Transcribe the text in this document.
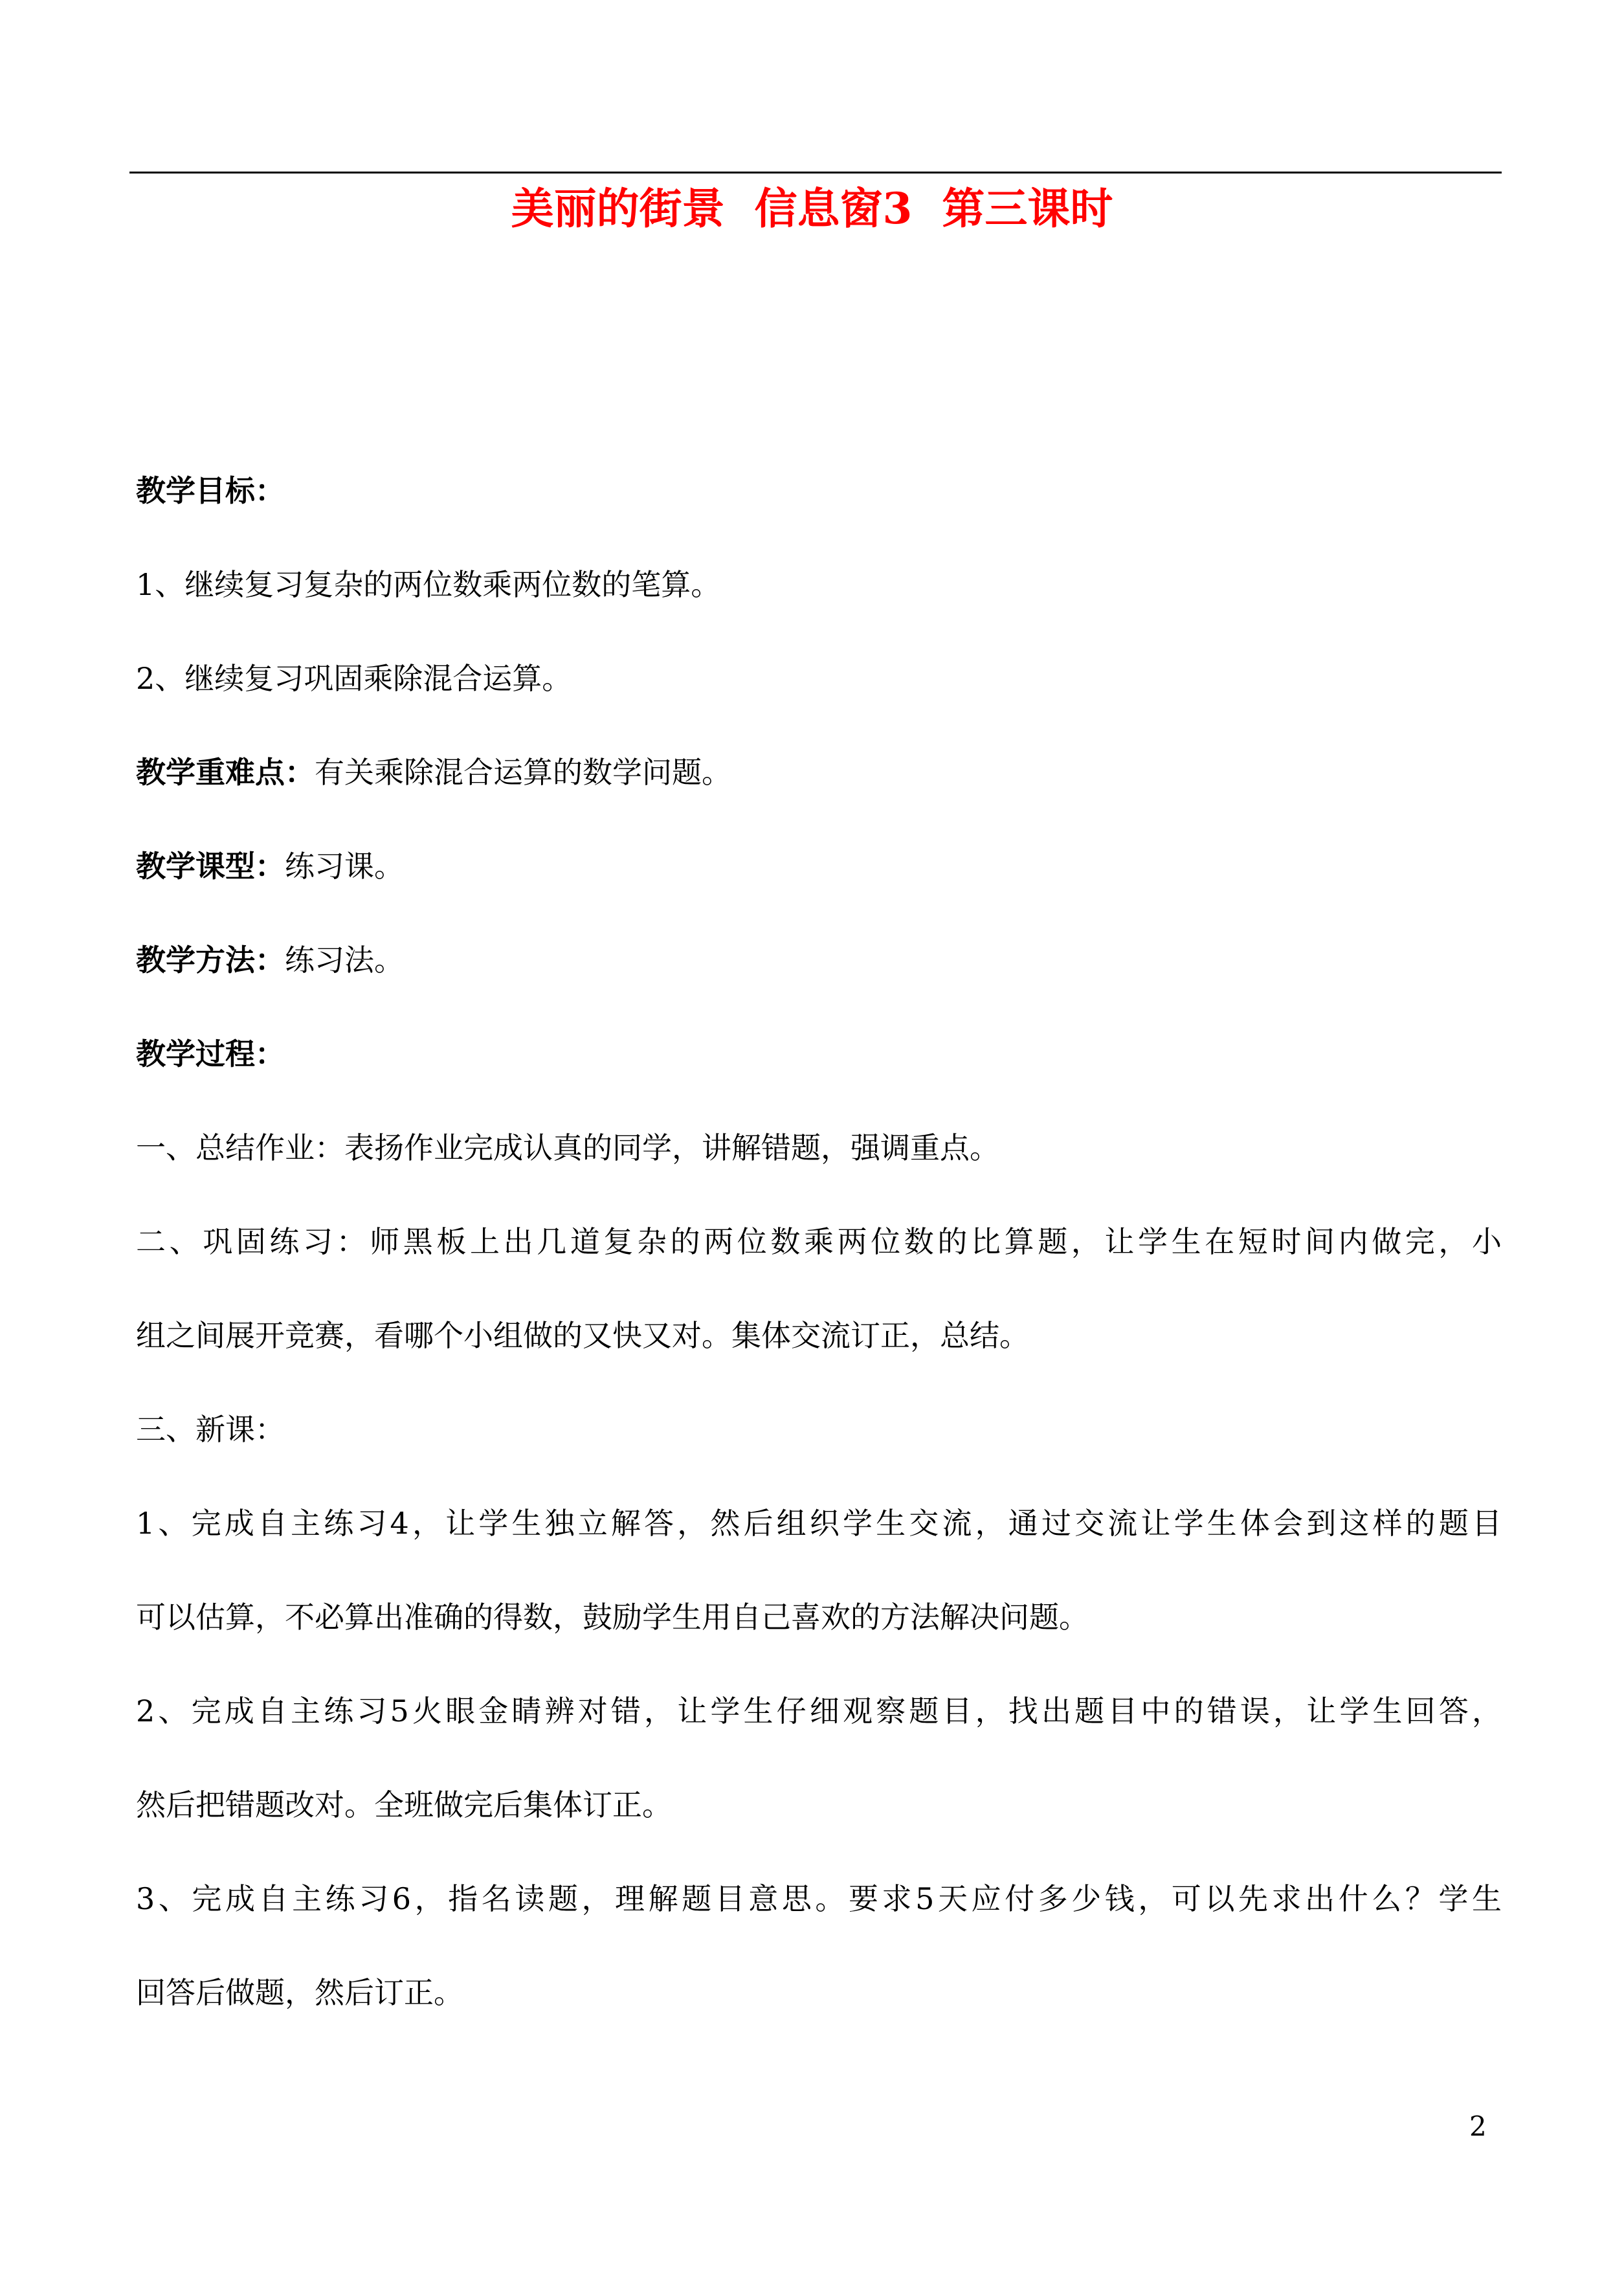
美丽的街景  信息窗3  第三课时
教学目标：
1、继续复习复杂的两位数乘两位数的笔算。
2、继续复习巩固乘除混合运算。
教学重难点：有关乘除混合运算的数学问题。
教学课型：练习课。
教学方法：练习法。
教学过程：
一、总结作业：表扬作业完成认真的同学，讲解错题，强调重点。
二、巩固练习：师黑板上出几道复杂的两位数乘两位数的比算题，让学生在短时间内做完，小
组之间展开竞赛，看哪个小组做的又快又对。集体交流订正，总结。
三、新课：
1、完成自主练习4，让学生独立解答，然后组织学生交流，通过交流让学生体会到这样的题目
可以估算，不必算出准确的得数，鼓励学生用自己喜欢的方法解决问题。
2、完成自主练习5火眼金睛辨对错，让学生仔细观察题目，找出题目中的错误，让学生回答，
然后把错题改对。全班做完后集体订正。
3、完成自主练习6，指名读题，理解题目意思。要求5天应付多少钱，可以先求出什么？学生
回答后做题，然后订正。
2
